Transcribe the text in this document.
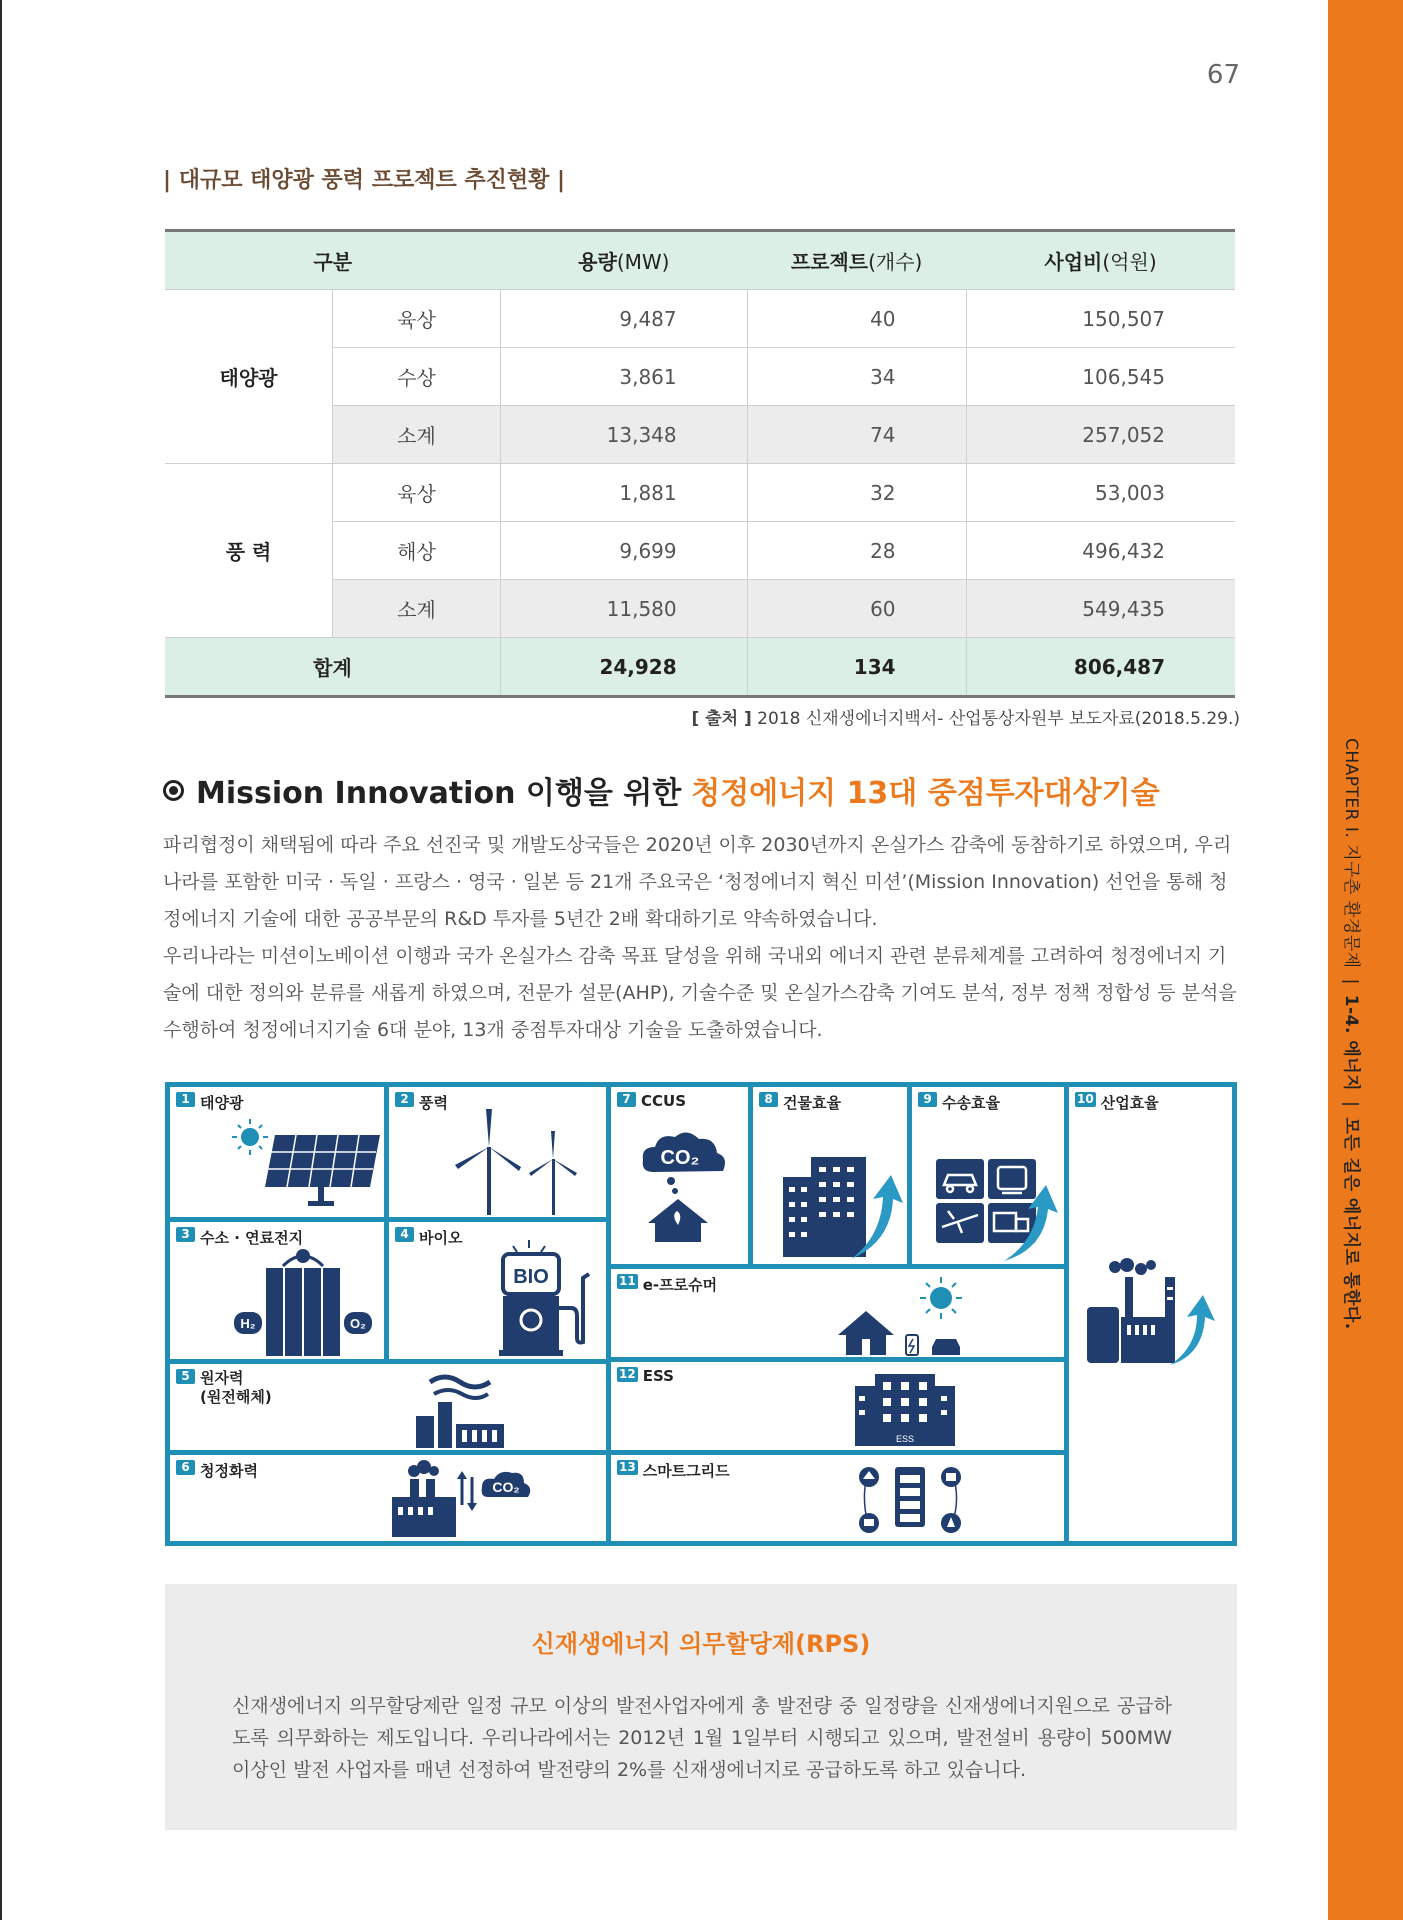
CHAPTER I. 지구촌 환경문제|1-4. 에너지|모든 길은 에너지로 통한다.
67
| 대규모 태양광 풍력 프로젝트 추진현황 |
구분		용량(MW)	프로젝트(개수)	사업비(억원)
태양광	육상	9,487	40	150,507
	수상	3,861	34	106,545
	소계	13,348	74	257,052
풍 력	육상	1,881	32	53,003
	해상	9,699	28	496,432
	소계	11,580	60	549,435
합계		24,928	134	806,487
[ 출처 ] 2018 신재생에너지백서- 산업통상자원부 보도자료(2018.5.29.)
Mission Innovation 이행을 위한 청정에너지 13대 중점투자대상기술

파리협정이 채택됨에 따라 주요 선진국 및 개발도상국들은 2020년 이후 2030년까지 온실가스 감축에 동참하기로 하였으며, 우리나라를 포함한 미국 · 독일 · 프랑스 · 영국 · 일본 등 21개 주요국은 ‘청정에너지 혁신 미션’(Mission Innovation) 선언을 통해 청정에너지 기술에 대한 공공부문의 R&D 투자를 5년간 2배 확대하기로 약속하였습니다.

우리나라는 미션이노베이션 이행과 국가 온실가스 감축 목표 달성을 위해 국내외 에너지 관련 분류체계를 고려하여 청정에너지 기술에 대한 정의와 분류를 새롭게 하였으며, 전문가 설문(AHP), 기술수준 및 온실가스감축 기여도 분석, 정부 정책 정합성 등 분석을 수행하여 청정에너지기술 6대 분야, 13개 중점투자대상 기술을 도출하였습니다.

1 태양광	2 풍력	7 CCUS
CO₂
8 건물효율	9 수송효율	10 산업효율
3 수소 · 연료전지
H₂	O₂
4 바이오
BIO	11 e-프로슈머
5 원자력
(원전해체)
12 ESS
ESS
6 청정화력
CO₂
13 스마트그리드
신재생에너지 의무할당제(RPS)
신재생에너지 의무할당제란 일정 규모 이상의 발전사업자에게 총 발전량 중 일정량을 신재생에너지원으로 공급하도록 의무화하는 제도입니다. 우리나라에서는 2012년 1월 1일부터 시행되고 있으며, 발전설비 용량이 500MW 이상인 발전 사업자를 매년 선정하여 발전량의 2%를 신재생에너지로 공급하도록 하고 있습니다.
